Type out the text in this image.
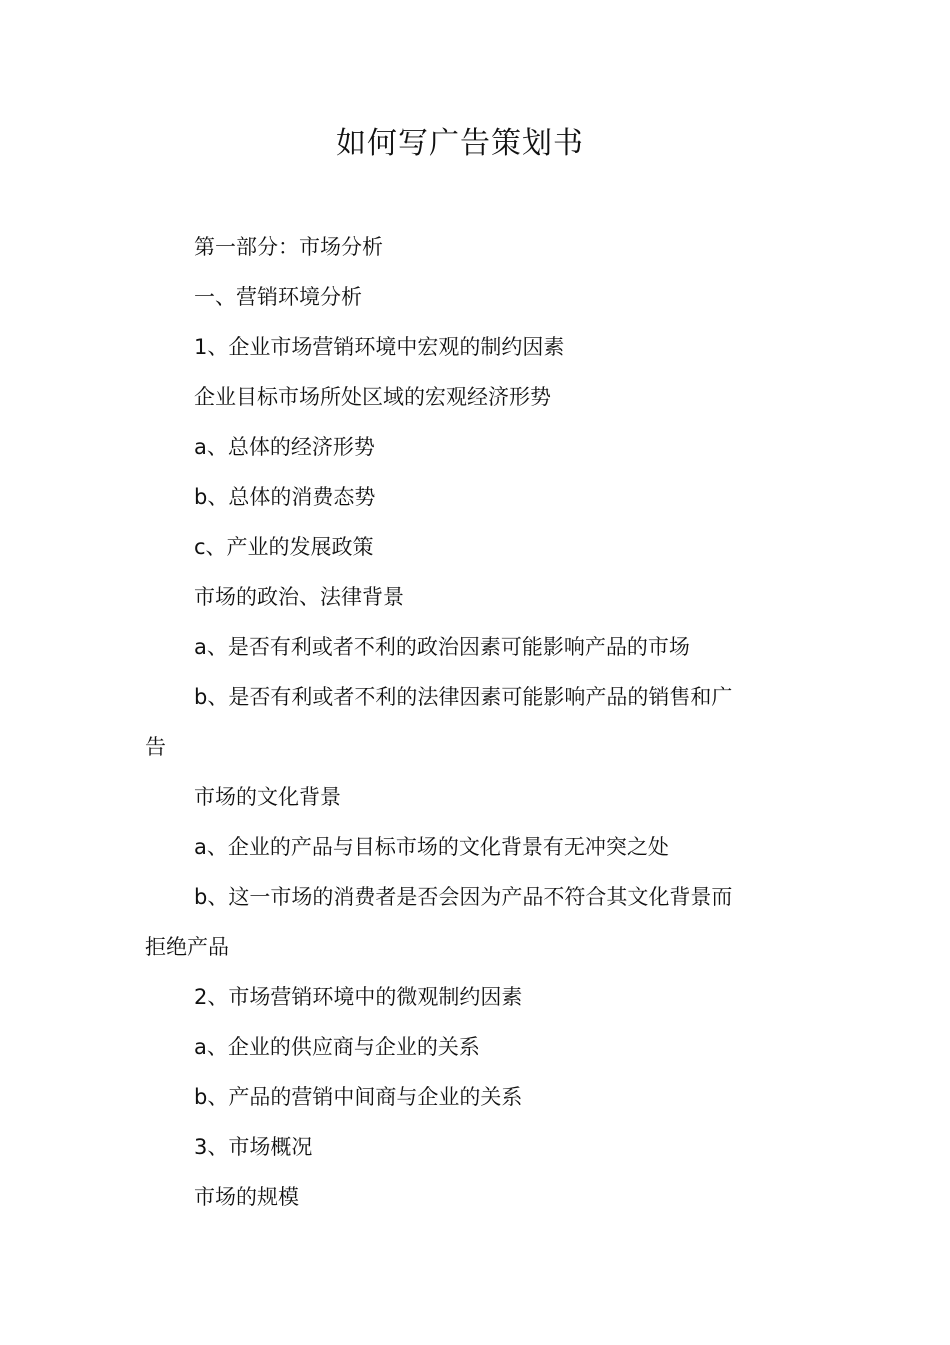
如何写广告策划书

第一部分：市场分析

一、营销环境分析

1、企业市场营销环境中宏观的制约因素

企业目标市场所处区域的宏观经济形势

a、总体的经济形势

b、总体的消费态势

c、产业的发展政策

市场的政治、法律背景

a、是否有利或者不利的政治因素可能影响产品的市场

b、是否有利或者不利的法律因素可能影响产品的销售和广告

市场的文化背景

a、企业的产品与目标市场的文化背景有无冲突之处

b、这一市场的消费者是否会因为产品不符合其文化背景而拒绝产品

2、市场营销环境中的微观制约因素

a、企业的供应商与企业的关系

b、产品的营销中间商与企业的关系

3、市场概况

市场的规模
